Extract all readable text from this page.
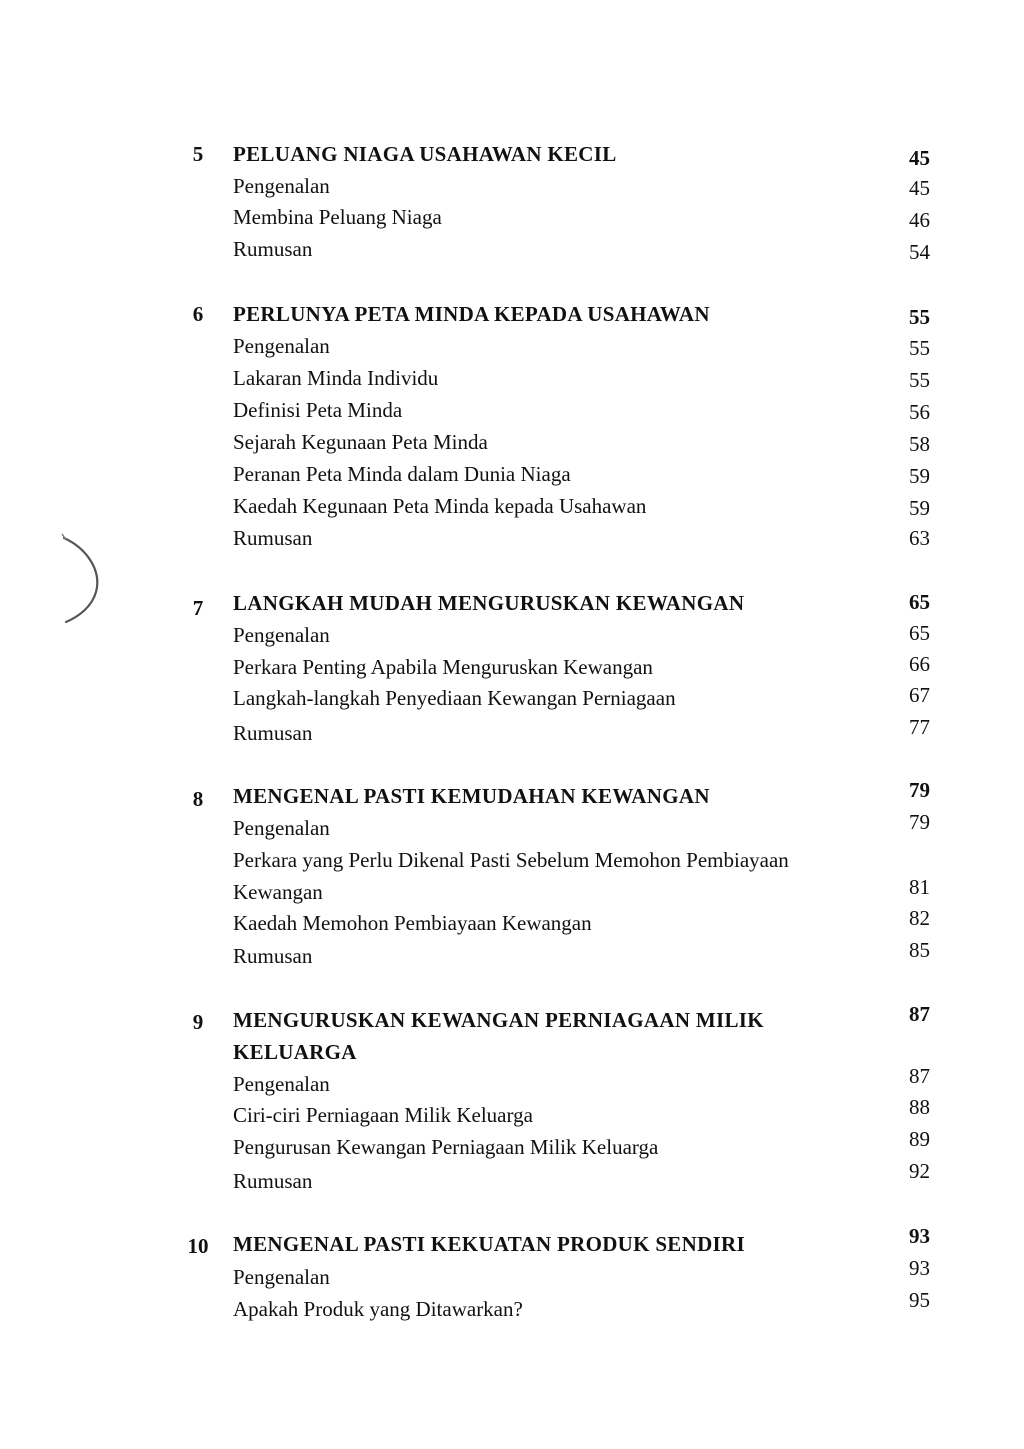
5	PELUANG NIAGA USAHAWAN KECIL	45
Pengenalan	45
Membina Peluang Niaga	46
Rumusan	54
6	PERLUNYA PETA MINDA KEPADA USAHAWAN	55
Pengenalan	55
Lakaran Minda Individu	55
Definisi Peta Minda	56
Sejarah Kegunaan Peta Minda	58
Peranan Peta Minda dalam Dunia Niaga	59
Kaedah Kegunaan Peta Minda kepada Usahawan	59
Rumusan	63
7	LANGKAH MUDAH MENGURUSKAN KEWANGAN	65
Pengenalan	65
Perkara Penting Apabila Menguruskan Kewangan	66
Langkah-langkah Penyediaan Kewangan Perniagaan	67
Rumusan	77
8	MENGENAL PASTI KEMUDAHAN KEWANGAN	79
Pengenalan	79
Perkara yang Perlu Dikenal Pasti Sebelum Memohon Pembiayaan
Kewangan	81
Kaedah Memohon Pembiayaan Kewangan	82
Rumusan	85
9	MENGURUSKAN KEWANGAN PERNIAGAAN MILIK	87
KELUARGA
Pengenalan	87
Ciri-ciri Perniagaan Milik Keluarga	88
Pengurusan Kewangan Perniagaan Milik Keluarga	89
Rumusan	92
10 MENGENAL PASTI KEKUATAN PRODUK SENDIRI	93
Pengenalan	93
Apakah Produk yang Ditawarkan?	95
